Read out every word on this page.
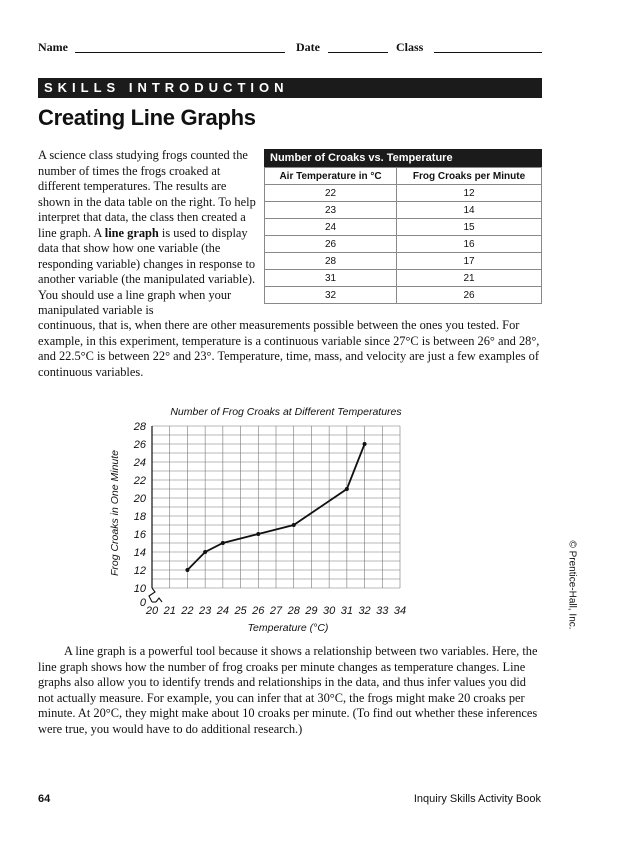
Name	Date	Class
SKILLS INTRODUCTION
Creating Line Graphs
A science class studying frogs counted the number of times the frogs croaked at different temperatures. The results are shown in the data table on the right. To help interpret that data, the class then created a line graph. A line graph is used to display data that show how one variable (the responding variable) changes in response to another variable (the manipulated variable). You should use a line graph when your manipulated variable is
continuous, that is, when there are other measurements possible between the ones you tested. For example, in this experiment, temperature is a continuous variable since 27°C is between 26° and 28°, and 22.5°C is between 22° and 23°. Temperature, time, mass, and velocity are just a few examples of continuous variables.
Number of Croaks vs. Temperature
Air Temperature in °C	Frog Croaks per Minute
22	12
23	14
24	15
26	16
28	17
31	21
32	26
Number of Frog Croaks at Different Temperatures
0
10
12
14
16
18
20
22
24
26
28
20 21 22 23 24 25 26 27 28 29 30 31 32 33 34
Temperature (°C)
Frog Croaks in One Minute
© Prentice-Hall, Inc.
A line graph is a powerful tool because it shows a relationship between two variables. Here, the line graph shows how the number of frog croaks per minute changes as temperature changes. Line graphs also allow you to identify trends and relationships in the data, and thus infer values you did not actually measure. For example, you can infer that at 30°C, the frogs might make 20 croaks per minute. At 20°C, they might make about 10 croaks per minute. (To find out whether these inferences were true, you would have to do additional research.)
64	Inquiry Skills Activity Book
